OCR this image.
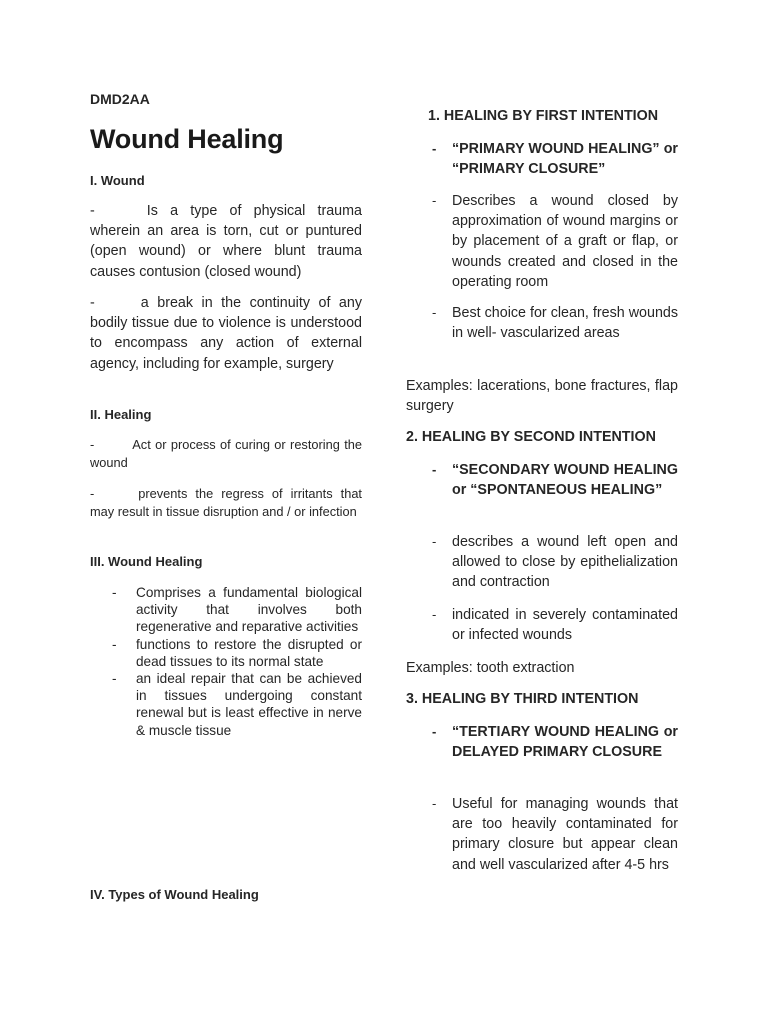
DMD2AA
Wound Healing
I. Wound
-	Is a type of physical trauma wherein an area is torn, cut or puntured (open wound) or where blunt trauma causes contusion (closed wound)
-	a break in the continuity of any bodily tissue due to violence is understood to encompass any action of external agency, including for example, surgery
II. Healing
-	Act or process of curing or restoring the wound
-	prevents the regress of irritants that may result in tissue disruption and / or infection
III. Wound Healing
- Comprises a fundamental biological activity that involves both regenerative and reparative activities
- functions to restore the disrupted or dead tissues to its normal state
- an ideal repair that can be achieved in tissues undergoing constant renewal but is least effective in nerve & muscle tissue
IV. Types of Wound Healing
1. HEALING BY FIRST INTENTION
- “PRIMARY WOUND HEALING” or “PRIMARY CLOSURE”
- Describes a wound closed by approximation of wound margins or by placement of a graft or flap, or wounds created and closed in the operating room
- Best choice for clean, fresh wounds in well- vascularized areas
Examples: lacerations, bone fractures, flap surgery
2. HEALING BY SECOND INTENTION
- “SECONDARY WOUND HEALING or “SPONTANEOUS HEALING”
- describes a wound left open and allowed to close by epithelialization and contraction
- indicated in severely contaminated or infected wounds
Examples: tooth extraction
3. HEALING BY THIRD INTENTION
- “TERTIARY WOUND HEALING or DELAYED PRIMARY CLOSURE
- Useful for managing wounds that are too heavily contaminated for primary closure but appear clean and well vascularized after 4-5 hrs
